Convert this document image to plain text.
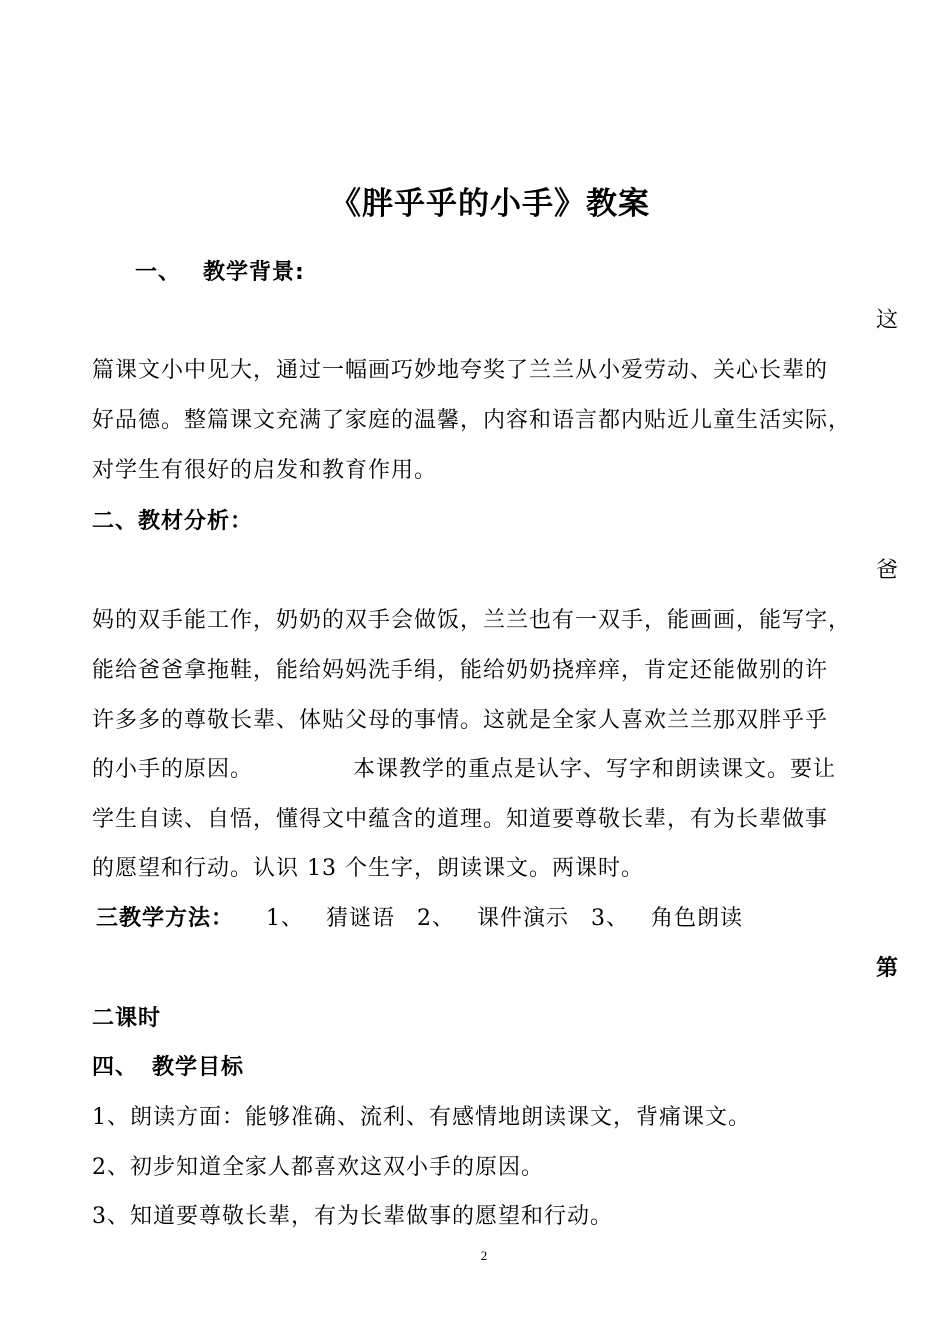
《胖乎乎的小手》教案
一、 教学背景:
这
篇课文小中见大，通过一幅画巧妙地夸奖了兰兰从小爱劳动、关心长辈的
好品德。整篇课文充满了家庭的温馨，内容和语言都内贴近儿童生活实际，
对学生有很好的启发和教育作用。
二、教材分析：
爸
妈的双手能工作，奶奶的双手会做饭，兰兰也有一双手，能画画，能写字，
能给爸爸拿拖鞋，能给妈妈洗手绢，能给奶奶挠痒痒，肯定还能做别的许
许多多的尊敬长辈、体贴父母的事情。这就是全家人喜欢兰兰那双胖乎乎
的小手的原因。	本课教学的重点是认字、写字和朗读课文。要让
学生自读、自悟，懂得文中蕴含的道理。知道要尊敬长辈，有为长辈做事
的愿望和行动。认识 13 个生字，朗读课文。两课时。
三教学方法： 1、 猜谜语 2、 课件演示 3、 角色朗读
第
二课时
四、 教学目标
1、朗读方面：能够准确、流利、有感情地朗读课文，背痛课文。
2、初步知道全家人都喜欢这双小手的原因。
3、知道要尊敬长辈，有为长辈做事的愿望和行动。
2
